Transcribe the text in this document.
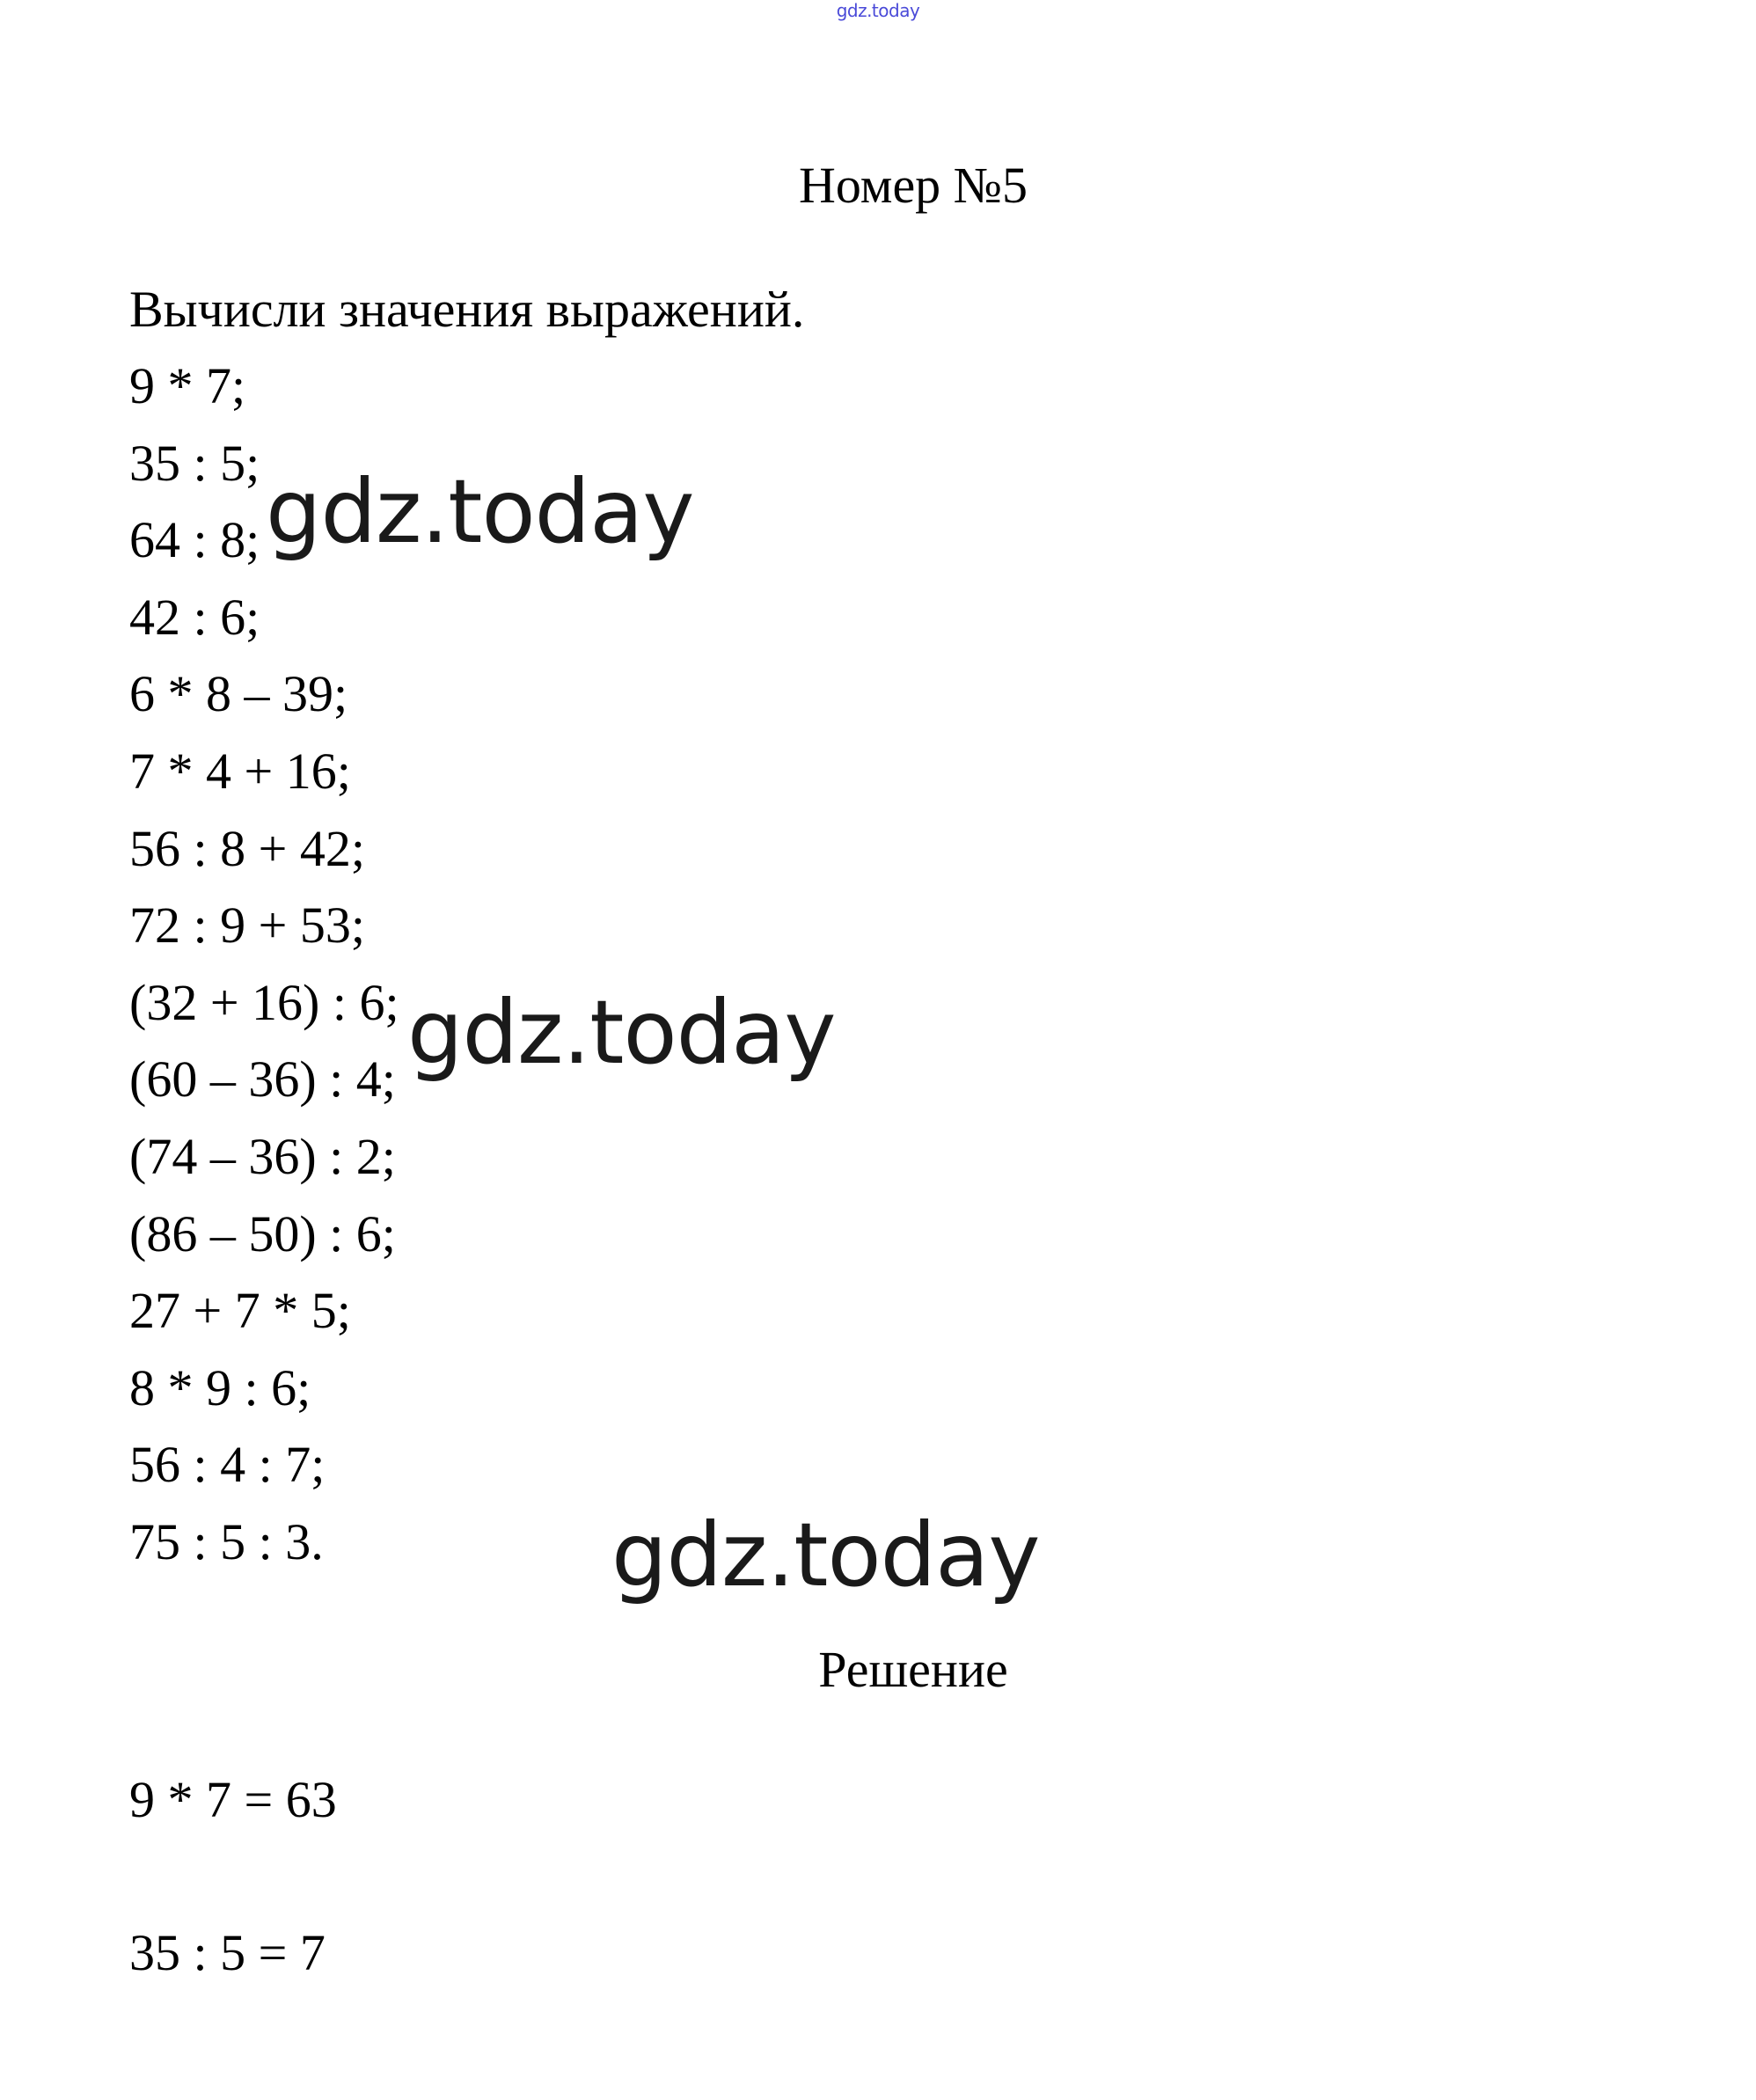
gdz.today
Номер №5
Вычисли значения выражений.
9 * 7;
35 : 5;
64 : 8;
42 : 6;
6 * 8 – 39;
7 * 4 + 16;
56 : 8 + 42;
72 : 9 + 53;
(32 + 16) : 6;
(60 – 36) : 4;
(74 – 36) : 2;
(86 – 50) : 6;
27 + 7 * 5;
8 * 9 : 6;
56 : 4 : 7;
75 : 5 : 3.
gdz.today
gdz.today
gdz.today
Решение
9 * 7 = 63
35 : 5 = 7
